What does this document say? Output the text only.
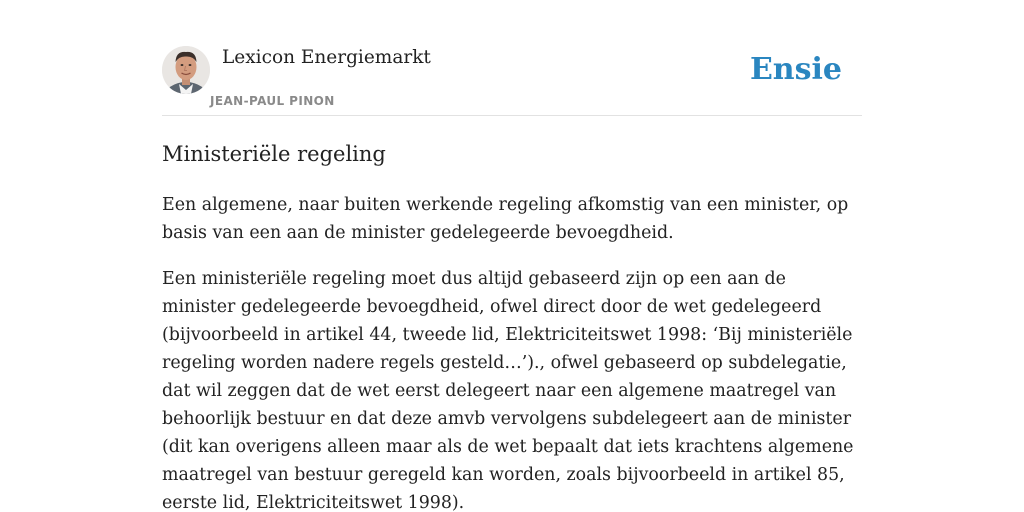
Lexicon Energiemarkt
JEAN-PAUL PINON
Ensie
Ministeriële regeling

Een algemene, naar buiten werkende regeling afkomstig van een minister, op basis van een aan de minister gedelegeerde bevoegdheid.

Een ministeriële regeling moet dus altijd gebaseerd zijn op een aan de minister gedelegeerde bevoegdheid, ofwel direct door de wet gedelegeerd (bijvoorbeeld in artikel 44, tweede lid, Elektriciteitswet 1998: ‘Bij ministeriële regeling worden nadere regels gesteld…’)., ofwel gebaseerd op subdelegatie, dat wil zeggen dat de wet eerst delegeert naar een algemene maatregel van behoorlijk bestuur en dat deze amvb vervolgens subdelegeert aan de minister (dit kan overigens alleen maar als de wet bepaalt dat iets krachtens algemene maatregel van bestuur geregeld kan worden, zoals bijvoorbeeld in artikel 85, eerste lid, Elektriciteitswet 1998).
